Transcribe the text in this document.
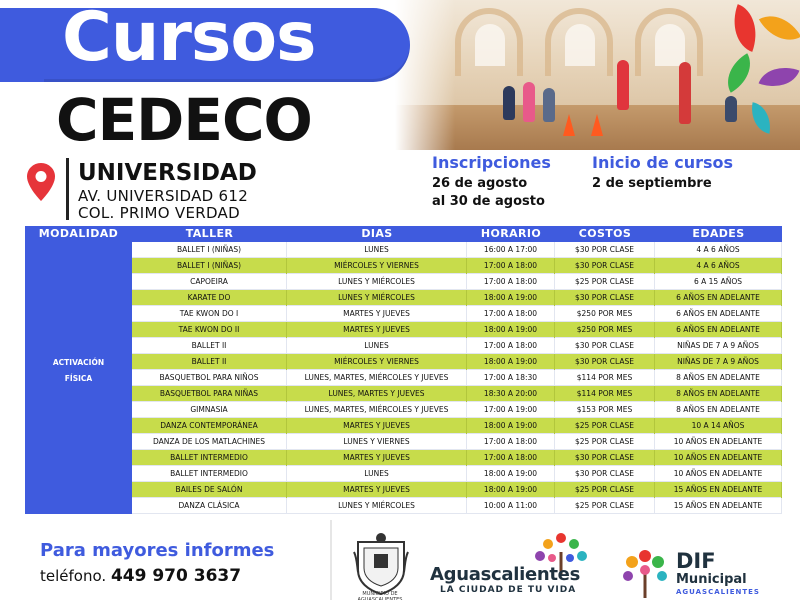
Cursos
CEDECO
UNIVERSIDAD
AV. UNIVERSIDAD 612
COL. PRIMO VERDAD
Inscripciones
26 de agosto
al 30 de agosto
Inicio de cursos
2 de septiembre
MODALIDAD	TALLER	DIAS	HORARIO	COSTOS	EDADES
ACTIVACIÓN
FÍSICA
BALLET I (NIÑAS)	LUNES	16:00 A 17:00	$30 POR CLASE	4 A 6 AÑOS
BALLET I (NIÑAS)	MIÉRCOLES Y VIERNES	17:00 A 18:00	$30 POR CLASE	4 A 6 AÑOS
CAPOEIRA	LUNES Y MIÉRCOLES	17:00 A 18:00	$25 POR CLASE	6 A 15 AÑOS
KARATE DO	LUNES Y MIÉRCOLES	18:00 A 19:00	$30 POR CLASE	6 AÑOS EN ADELANTE
TAE KWON DO I	MARTES Y JUEVES	17:00 A 18:00	$250 POR MES	6 AÑOS EN ADELANTE
TAE KWON DO II	MARTES Y JUEVES	18:00 A 19:00	$250 POR MES	6 AÑOS EN ADELANTE
BALLET II	LUNES	17:00 A 18:00	$30 POR CLASE	NIÑAS DE 7 A 9 AÑOS
BALLET II	MIÉRCOLES Y VIERNES	18:00 A 19:00	$30 POR CLASE	NIÑAS DE 7 A 9 AÑOS
BASQUETBOL PARA NIÑOS	LUNES, MARTES, MIÉRCOLES Y JUEVES	17:00 A 18:30	$114 POR MES	8 AÑOS EN ADELANTE
BASQUETBOL PARA NIÑAS	LUNES, MARTES Y JUEVES	18:30 A 20:00	$114 POR MES	8 AÑOS EN ADELANTE
GIMNASIA	LUNES, MARTES, MIÉRCOLES Y JUEVES	17:00 A 19:00	$153 POR MES	8 AÑOS EN ADELANTE
DANZA CONTEMPORÁNEA	MARTES Y JUEVES	18:00 A 19:00	$25 POR CLASE	10 A 14 AÑOS
DANZA DE LOS MATLACHINES	LUNES Y VIERNES	17:00 A 18:00	$25 POR CLASE	10 AÑOS EN ADELANTE
BALLET INTERMEDIO	MARTES Y JUEVES	17:00 A 18:00	$30 POR CLASE	10 AÑOS EN ADELANTE
BALLET INTERMEDIO	LUNES	18:00 A 19:00	$30 POR CLASE	10 AÑOS EN ADELANTE
BAILES DE SALÓN	MARTES Y JUEVES	18:00 A 19:00	$25 POR CLASE	15 AÑOS EN ADELANTE
DANZA CLÁSICA	LUNES Y MIÉRCOLES	10:00 A 11:00	$25 POR CLASE	15 AÑOS EN ADELANTE
Para mayores informes
teléfono. 449 970 3637
MUNICIPIO DE AGUASCALIENTES
Aguascalientes
LA CIUDAD DE TU VIDA
DIF
Municipal
AGUASCALIENTES
